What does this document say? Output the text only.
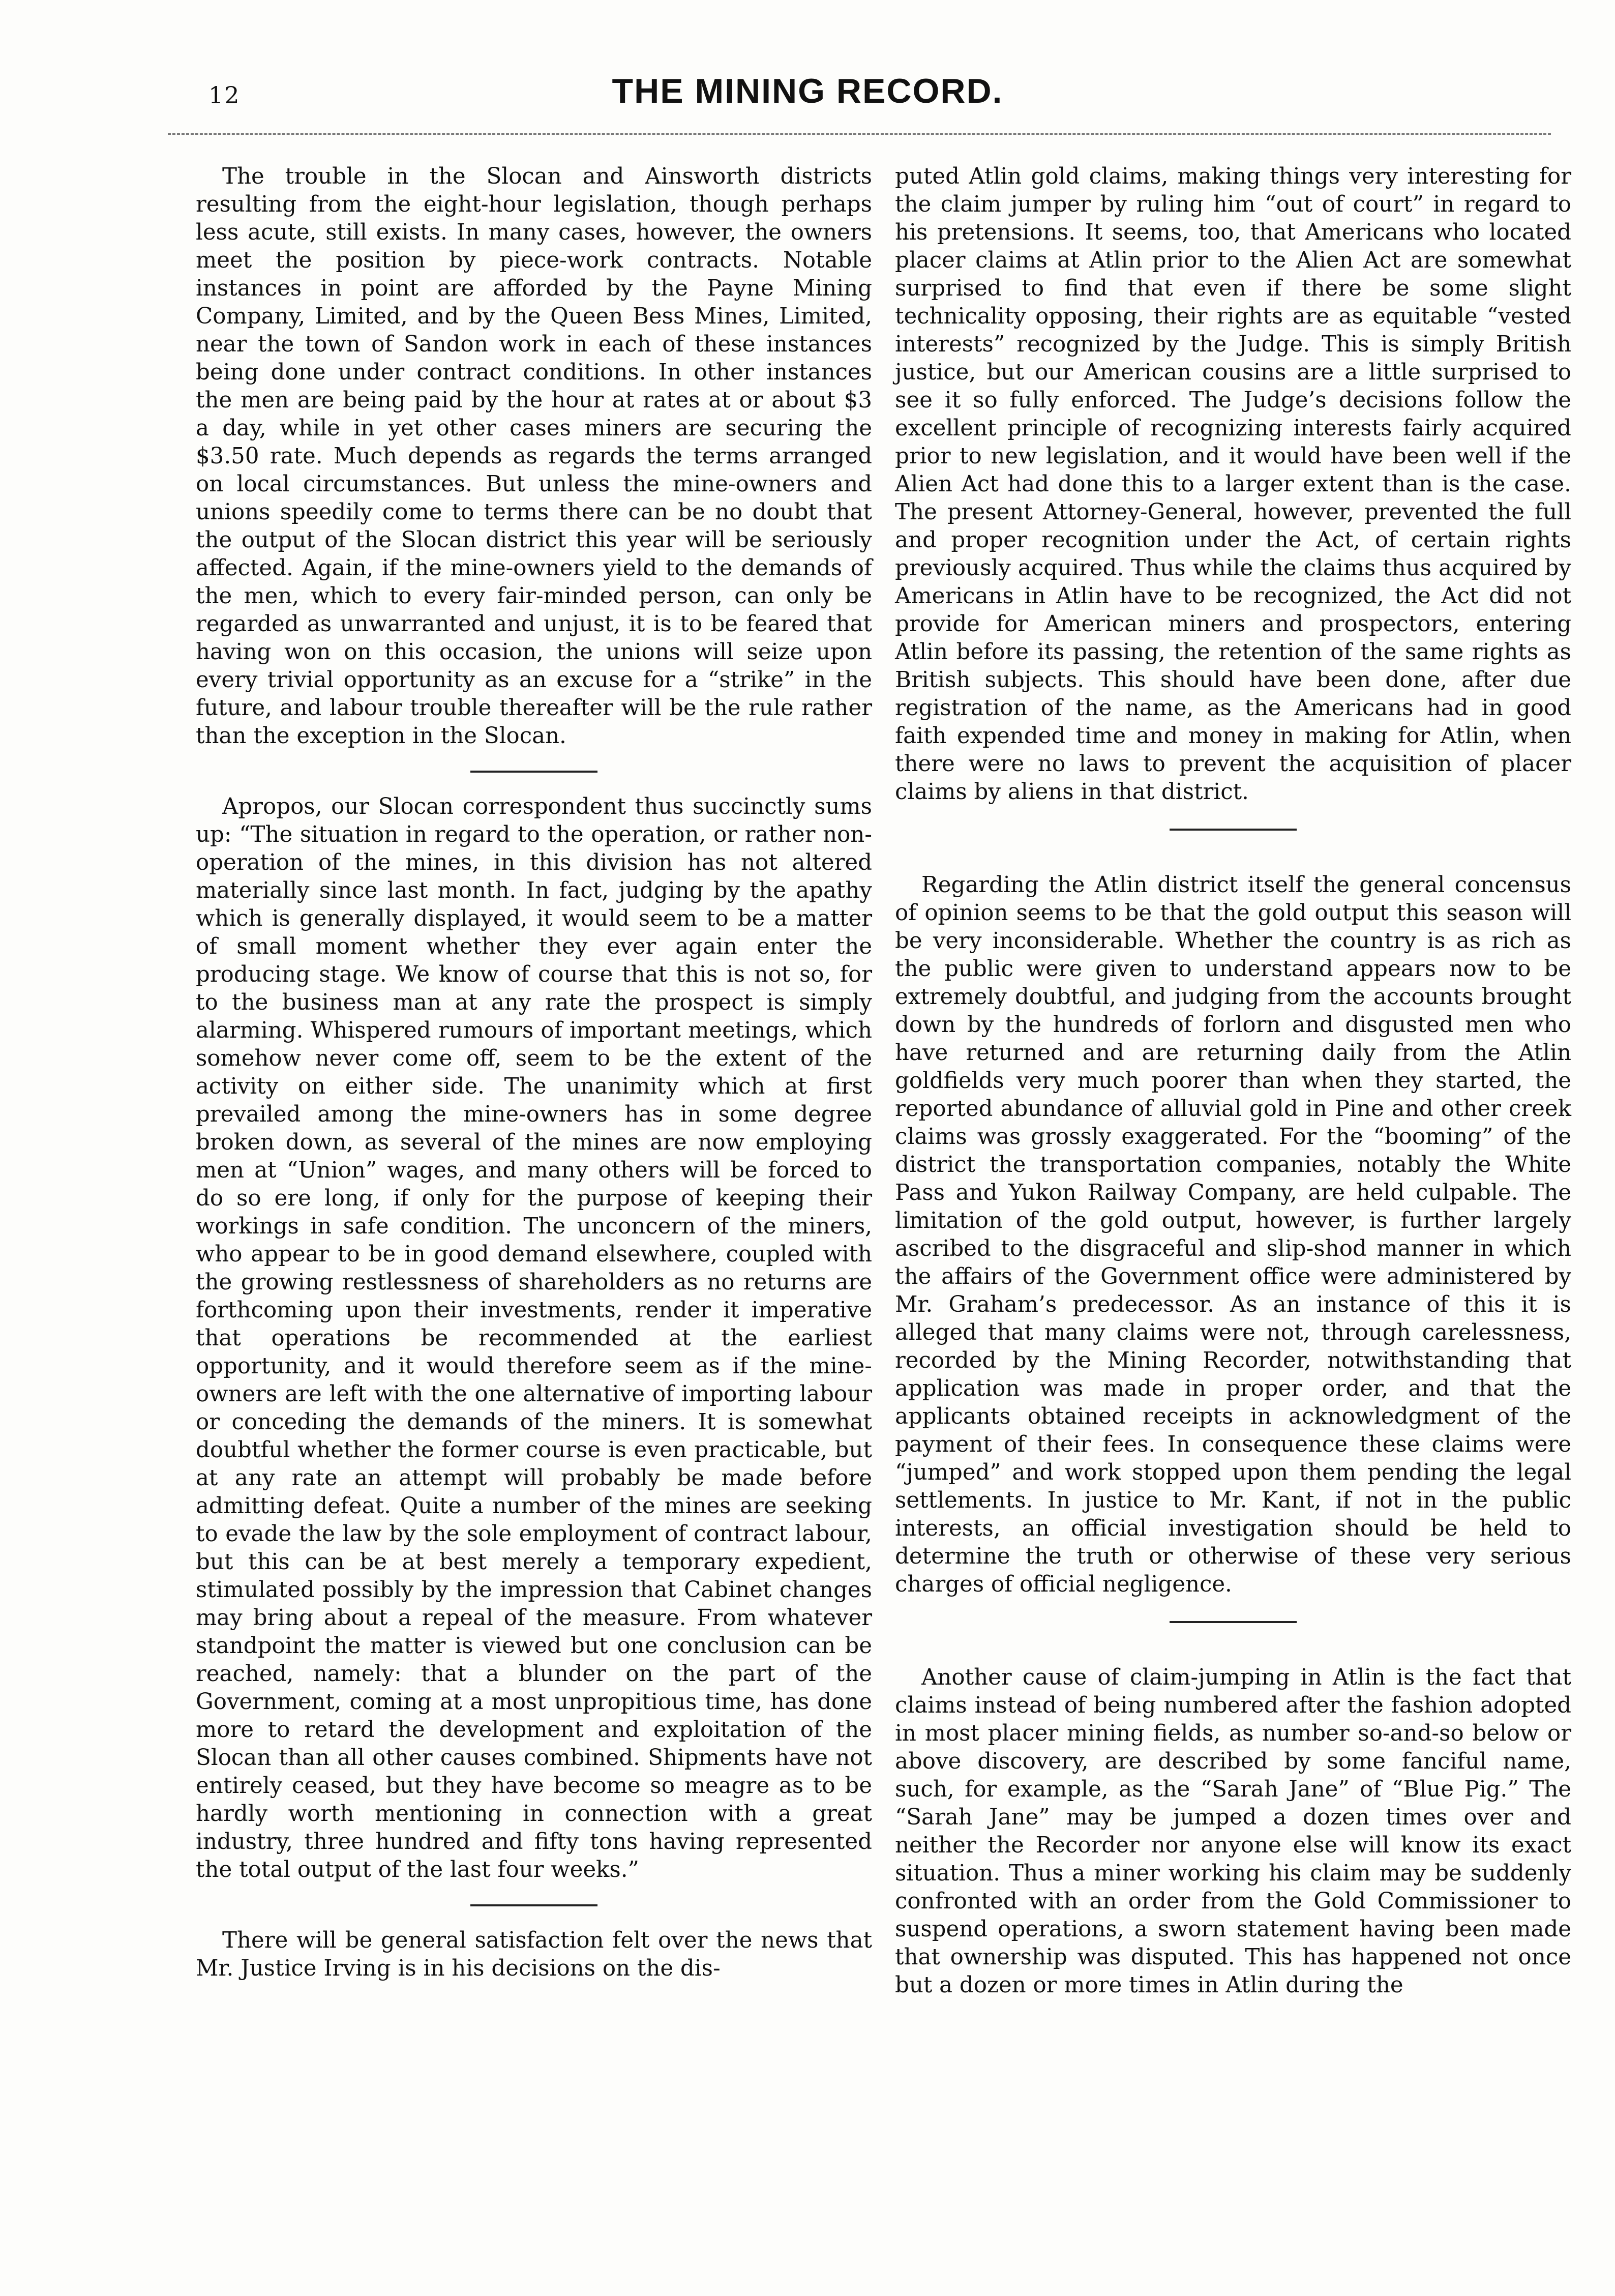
12	THE MINING RECORD.

The trouble in the Slocan and Ainsworth districts resulting from the eight-hour legislation, though perhaps less acute, still exists. In many cases, however, the owners meet the position by piece-work contracts. Notable instances in point are afforded by the Payne Mining Company, Limited, and by the Queen Bess Mines, Limited, near the town of Sandon work in each of these instances being done under contract conditions. In other instances the men are being paid by the hour at rates at or about $3 a day, while in yet other cases miners are securing the $3.50 rate. Much depends as regards the terms arranged on local circumstances. But unless the mine-owners and unions speedily come to terms there can be no doubt that the output of the Slocan district this year will be seriously affected. Again, if the mine-owners yield to the demands of the men, which to every fair-minded person, can only be regarded as unwarranted and unjust, it is to be feared that having won on this occasion, the unions will seize upon every trivial opportunity as an excuse for a “strike” in the future, and labour trouble thereafter will be the rule rather than the exception in the Slocan.

Apropos, our Slocan correspondent thus succinctly sums up: “The situation in regard to the operation, or rather non-operation of the mines, in this division has not altered materially since last month. In fact, judging by the apathy which is generally displayed, it would seem to be a matter of small moment whether they ever again enter the producing stage. We know of course that this is not so, for to the business man at any rate the prospect is simply alarming. Whispered rumours of important meetings, which somehow never come off, seem to be the extent of the activity on either side. The unanimity which at first prevailed among the mine-owners has in some degree broken down, as several of the mines are now employing men at “Union” wages, and many others will be forced to do so ere long, if only for the purpose of keeping their workings in safe condition. The unconcern of the miners, who appear to be in good demand elsewhere, coupled with the growing restlessness of shareholders as no returns are forthcoming upon their investments, render it imperative that operations be recommended at the earliest opportunity, and it would therefore seem as if the mine-owners are left with the one alternative of importing labour or conceding the demands of the miners. It is somewhat doubtful whether the former course is even practicable, but at any rate an attempt will probably be made before admitting defeat. Quite a number of the mines are seeking to evade the law by the sole employment of contract labour, but this can be at best merely a temporary expedient, stimulated possibly by the impression that Cabinet changes may bring about a repeal of the measure. From whatever standpoint the matter is viewed but one conclusion can be reached, namely: that a blunder on the part of the Government, coming at a most unpropitious time, has done more to retard the development and exploitation of the Slocan than all other causes combined. Shipments have not entirely ceased, but they have become so meagre as to be hardly worth mentioning in connection with a great industry, three hundred and fifty tons having represented the total output of the last four weeks.”

There will be general satisfaction felt over the news that Mr. Justice Irving is in his decisions on the dis-

puted Atlin gold claims, making things very interesting for the claim jumper by ruling him “out of court” in regard to his pretensions. It seems, too, that Americans who located placer claims at Atlin prior to the Alien Act are somewhat surprised to find that even if there be some slight technicality opposing, their rights are as equitable “vested interests” recognized by the Judge. This is simply British justice, but our American cousins are a little surprised to see it so fully enforced. The Judge’s decisions follow the excellent principle of recognizing interests fairly acquired prior to new legislation, and it would have been well if the Alien Act had done this to a larger extent than is the case. The present Attorney-General, however, prevented the full and proper recognition under the Act, of certain rights previously acquired. Thus while the claims thus acquired by Americans in Atlin have to be recognized, the Act did not provide for American miners and prospectors, entering Atlin before its passing, the retention of the same rights as British subjects. This should have been done, after due registration of the name, as the Americans had in good faith expended time and money in making for Atlin, when there were no laws to prevent the acquisition of placer claims by aliens in that district.

Regarding the Atlin district itself the general concensus of opinion seems to be that the gold output this season will be very inconsiderable. Whether the country is as rich as the public were given to understand appears now to be extremely doubtful, and judging from the accounts brought down by the hundreds of forlorn and disgusted men who have returned and are returning daily from the Atlin goldfields very much poorer than when they started, the reported abundance of alluvial gold in Pine and other creek claims was grossly exaggerated. For the “booming” of the district the transportation companies, notably the White Pass and Yukon Railway Company, are held culpable. The limitation of the gold output, however, is further largely ascribed to the disgraceful and slip-shod manner in which the affairs of the Government office were administered by Mr. Graham’s predecessor. As an instance of this it is alleged that many claims were not, through carelessness, recorded by the Mining Recorder, notwithstanding that application was made in proper order, and that the applicants obtained receipts in acknowledgment of the payment of their fees. In consequence these claims were “jumped” and work stopped upon them pending the legal settlements. In justice to Mr. Kant, if not in the public interests, an official investigation should be held to determine the truth or otherwise of these very serious charges of official negligence.

Another cause of claim-jumping in Atlin is the fact that claims instead of being numbered after the fashion adopted in most placer mining fields, as number so-and-so below or above discovery, are described by some fanciful name, such, for example, as the “Sarah Jane” of “Blue Pig.” The “Sarah Jane” may be jumped a dozen times over and neither the Recorder nor anyone else will know its exact situation. Thus a miner working his claim may be suddenly confronted with an order from the Gold Commissioner to suspend operations, a sworn statement having been made that ownership was disputed. This has happened not once but a dozen or more times in Atlin during the
